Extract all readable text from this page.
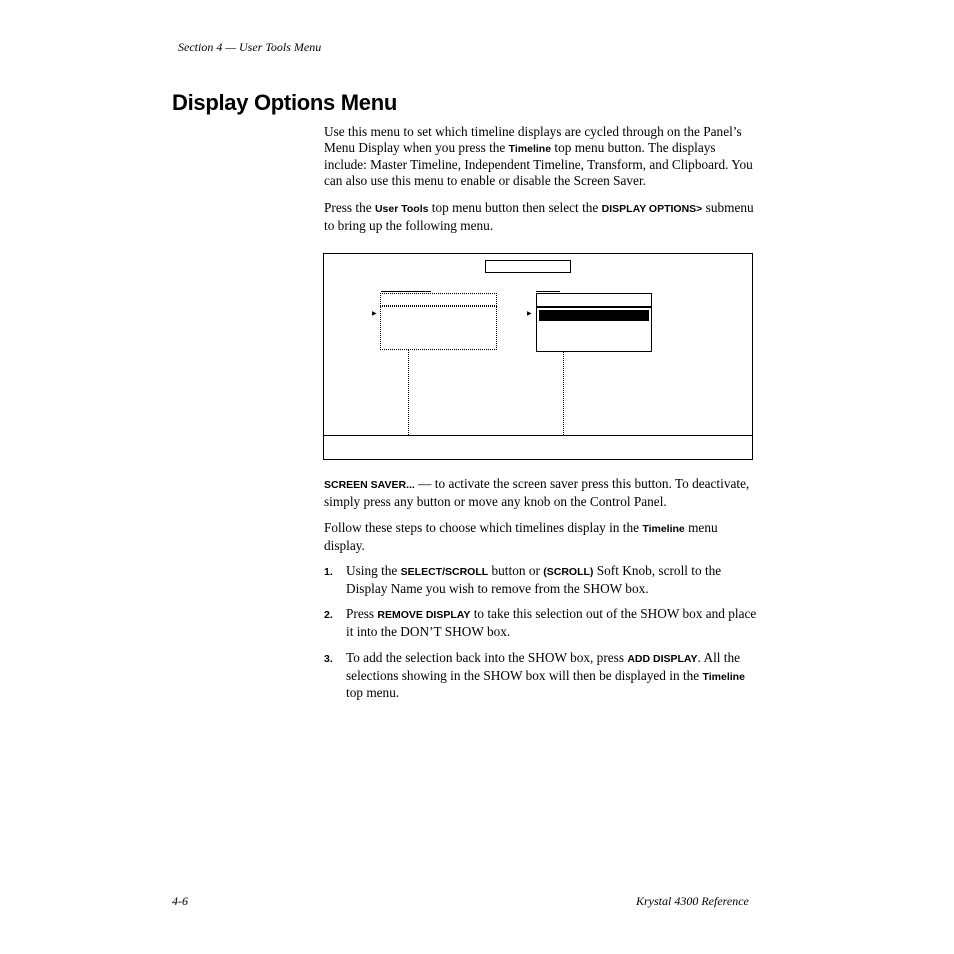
Section 4 — User Tools Menu
Display Options Menu
Use this menu to set which timeline displays are cycled through on the Panel’s Menu Display when you press the Timeline top menu button. The displays include: Master Timeline, Independent Timeline, Transform, and Clipboard. You can also use this menu to enable or disable the Screen Saver.
Press the User Tools top menu button then select the DISPLAY OPTIONS> submenu to bring up the following menu.
▶	▶
SCREEN SAVER... — to activate the screen saver press this button. To deactivate, simply press any button or move any knob on the Control Panel.
Follow these steps to choose which timelines display in the Timeline menu display.
1. Using the SELECT/SCROLL button or (SCROLL) Soft Knob, scroll to the Display Name you wish to remove from the SHOW box.
2. Press REMOVE DISPLAY to take this selection out of the SHOW box and place it into the DON’T SHOW box.
3. To add the selection back into the SHOW box, press ADD DISPLAY. All the selections showing in the SHOW box will then be displayed in the Timeline top menu.
4-6	Krystal 4300 Reference
